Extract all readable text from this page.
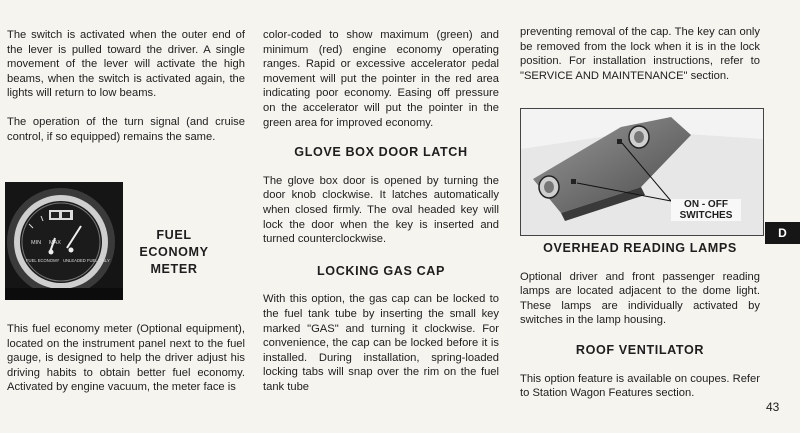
The switch is activated when the outer end of the lever is pulled toward the driver. A single movement of the lever will activate the high beams, when the switch is activated again, the lights will return to low beams.

The operation of the turn signal (and cruise control, if so equipped) remains the same.

MIN MAX
FUEL ECONOMY UNLEADED FUEL ONLY
FUEL
ECONOMY
METER

This fuel economy meter (Optional equipment), located on the instrument panel next to the fuel gauge, is designed to help the driver adjust his driving habits to obtain better fuel economy. Activated by engine vacuum, the meter face is

color-coded to show maximum (green) and minimum (red) engine economy operating ranges. Rapid or excessive accelerator pedal movement will put the pointer in the red area indicating poor economy. Easing off pressure on the accelerator will put the pointer in the green area for improved economy.

GLOVE BOX DOOR LATCH

The glove box door is opened by turning the door knob clockwise. It latches automatically when closed firmly. The oval headed key will lock the door when the key is inserted and turned counterclockwise.

LOCKING GAS CAP

With this option, the gas cap can be locked to the fuel tank tube by inserting the small key marked "GAS" and turning it clockwise. For convenience, the cap can be locked before it is installed. During installation, spring-loaded locking tabs will snap over the rim on the fuel tank tube

preventing removal of the cap. The key can only be removed from the lock when it is in the lock position. For installation instructions, refer to "SERVICE AND MAINTENANCE" section.

ON - OFF
SWITCHES
OVERHEAD READING LAMPS

Optional driver and front passenger reading lamps are located adjacent to the dome light. These lamps are individually activated by switches in the lamp housing.

ROOF VENTILATOR

This option feature is available on coupes. Refer to Station Wagon Features section.

D
43
